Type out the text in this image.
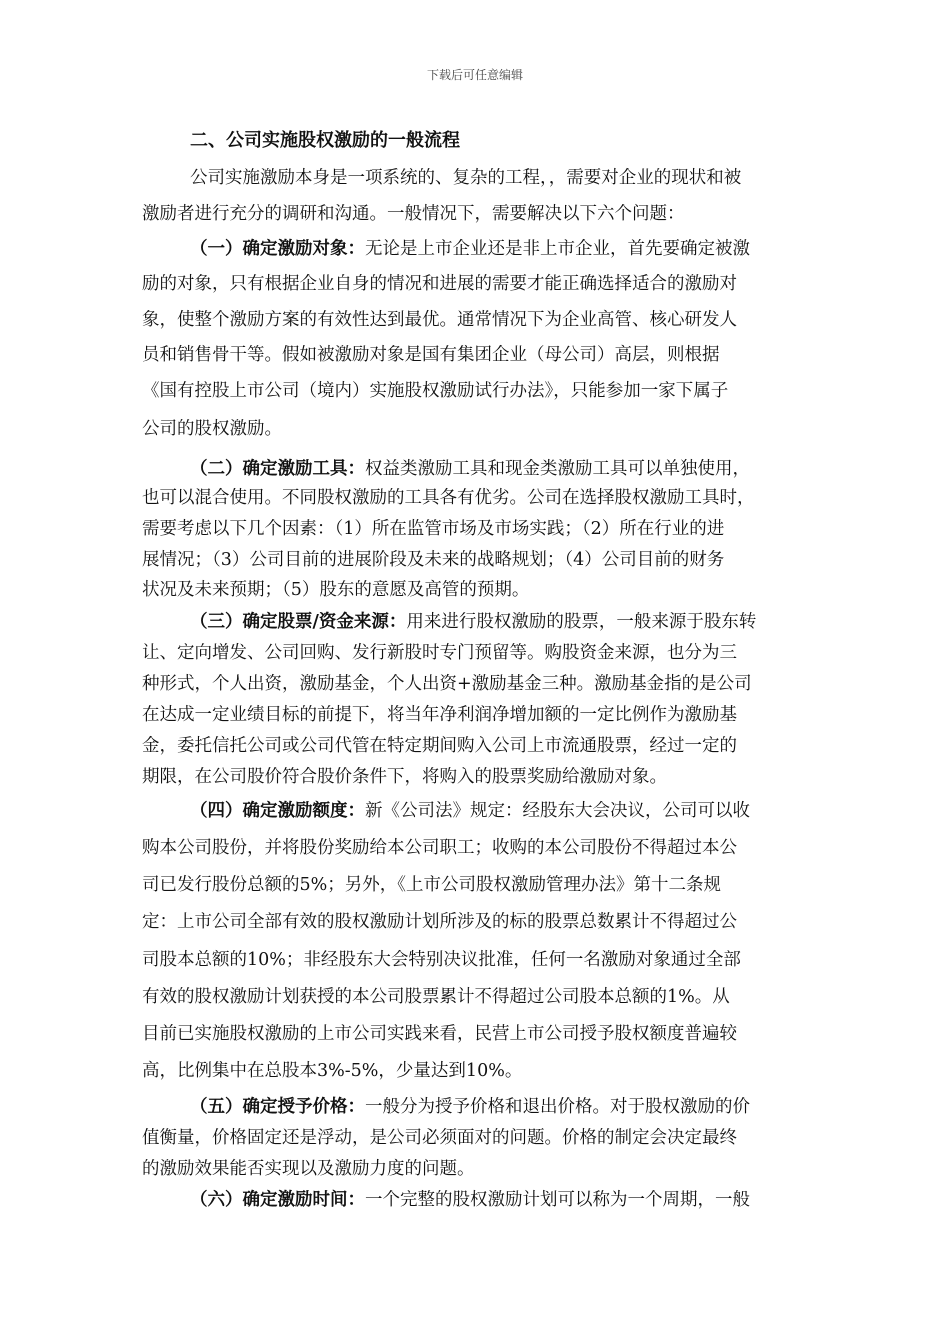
下载后可任意编辑
二、公司实施股权激励的一般流程
公司实施激励本身是一项系统的、复杂的工程，，需要对企业的现状和被
激励者进行充分的调研和沟通。一般情况下，需要解决以下六个问题：
（一）确定激励对象：无论是上市企业还是非上市企业，首先要确定被激
励的对象，只有根据企业自身的情况和进展的需要才能正确选择适合的激励对
象，使整个激励方案的有效性达到最优。通常情况下为企业高管、核心研发人
员和销售骨干等。假如被激励对象是国有集团企业（母公司）高层，则根据
《国有控股上市公司（境内）实施股权激励试行办法》，只能参加一家下属子
公司的股权激励。
（二）确定激励工具：权益类激励工具和现金类激励工具可以单独使用，
也可以混合使用。不同股权激励的工具各有优劣。公司在选择股权激励工具时，
需要考虑以下几个因素：（1）所在监管市场及市场实践；（2）所在行业的进
展情况；（3）公司目前的进展阶段及未来的战略规划；（4）公司目前的财务
状况及未来预期；（5）股东的意愿及高管的预期。
（三）确定股票/资金来源：用来进行股权激励的股票，一般来源于股东转
让、定向增发、公司回购、发行新股时专门预留等。购股资金来源，也分为三
种形式，个人出资，激励基金，个人出资+激励基金三种。激励基金指的是公司
在达成一定业绩目标的前提下，将当年净利润净增加额的一定比例作为激励基
金，委托信托公司或公司代管在特定期间购入公司上市流通股票，经过一定的
期限，在公司股价符合股价条件下，将购入的股票奖励给激励对象。
（四）确定激励额度：新《公司法》规定：经股东大会决议，公司可以收
购本公司股份，并将股份奖励给本公司职工；收购的本公司股份不得超过本公
司已发行股份总额的5%；另外，《上市公司股权激励管理办法》第十二条规
定：上市公司全部有效的股权激励计划所涉及的标的股票总数累计不得超过公
司股本总额的10%；非经股东大会特别决议批准，任何一名激励对象通过全部
有效的股权激励计划获授的本公司股票累计不得超过公司股本总额的1%。从
目前已实施股权激励的上市公司实践来看，民营上市公司授予股权额度普遍较
高，比例集中在总股本3%-5%，少量达到10%。
（五）确定授予价格：一般分为授予价格和退出价格。对于股权激励的价
值衡量，价格固定还是浮动，是公司必须面对的问题。价格的制定会决定最终
的激励效果能否实现以及激励力度的问题。
（六）确定激励时间：一个完整的股权激励计划可以称为一个周期，一般
